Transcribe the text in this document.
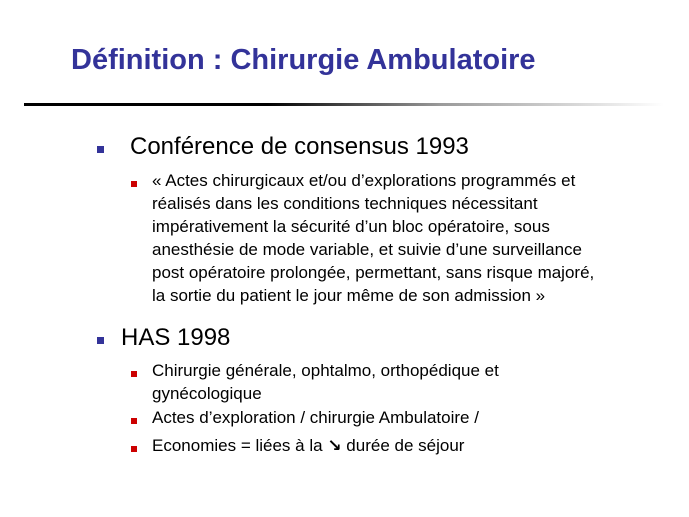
Définition : Chirurgie Ambulatoire
Conférence de consensus 1993
« Actes chirurgicaux et/ou d’explorations programmés et
réalisés dans les conditions techniques nécessitant
impérativement la sécurité d’un bloc opératoire, sous
anesthésie de mode variable, et suivie d’une surveillance
post opératoire prolongée, permettant, sans risque majoré,
la sortie du patient le jour même de son admission »
HAS 1998
Chirurgie générale, ophtalmo, orthopédique et
gynécologique
Actes d’exploration / chirurgie Ambulatoire /
Economies = liées à la ↘ durée de séjour
